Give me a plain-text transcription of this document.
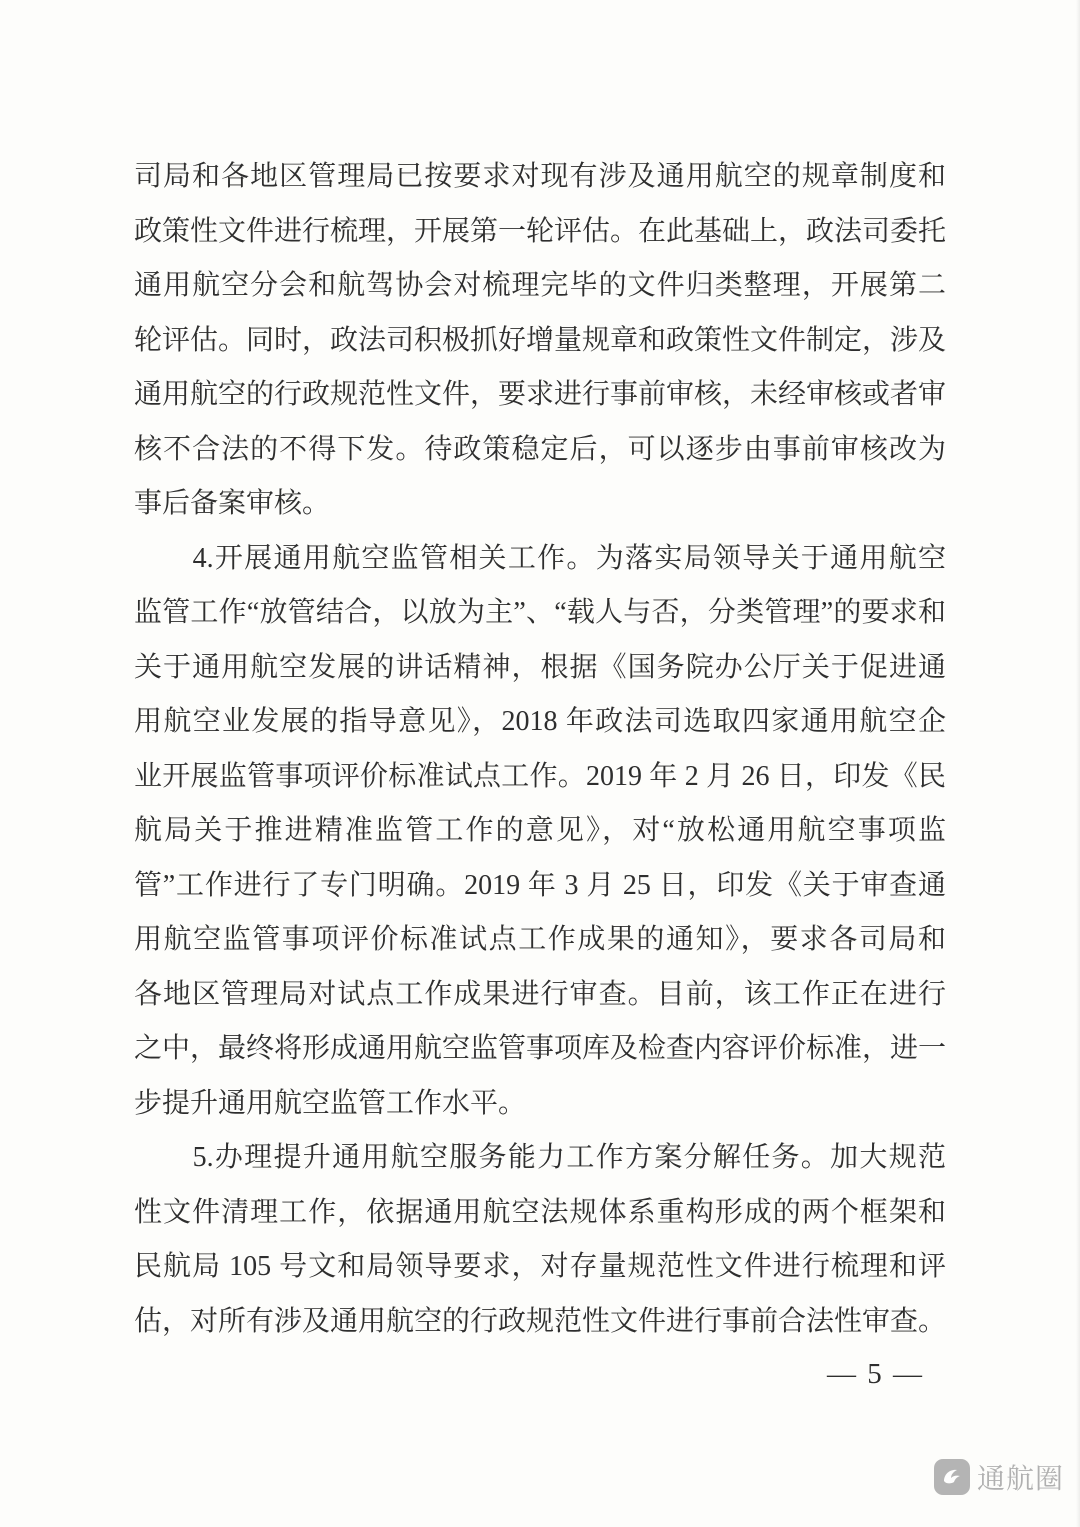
司局和各地区管理局已按要求对现有涉及通用航空的规章制度和
政策性文件进行梳理，开展第一轮评估。在此基础上，政法司委托
通用航空分会和航驾协会对梳理完毕的文件归类整理，开展第二
轮评估。同时，政法司积极抓好增量规章和政策性文件制定，涉及
通用航空的行政规范性文件，要求进行事前审核，未经审核或者审
核不合法的不得下发。待政策稳定后，可以逐步由事前审核改为
事后备案审核。
　　4.开展通用航空监管相关工作。为落实局领导关于通用航空
监管工作“放管结合，以放为主”、“载人与否，分类管理”的要求和
关于通用航空发展的讲话精神，根据《国务院办公厅关于促进通
用航空业发展的指导意见》，2018 年政法司选取四家通用航空企
业开展监管事项评价标准试点工作。2019 年 2 月 26 日，印发《民
航局关于推进精准监管工作的意见》，对“放松通用航空事项监
管”工作进行了专门明确。2019 年 3 月 25 日，印发《关于审查通
用航空监管事项评价标准试点工作成果的通知》，要求各司局和
各地区管理局对试点工作成果进行审查。目前，该工作正在进行
之中，最终将形成通用航空监管事项库及检查内容评价标准，进一
步提升通用航空监管工作水平。
　　5.办理提升通用航空服务能力工作方案分解任务。加大规范
性文件清理工作，依据通用航空法规体系重构形成的两个框架和
民航局 105 号文和局领导要求，对存量规范性文件进行梳理和评
估，对所有涉及通用航空的行政规范性文件进行事前合法性审查。
— 5 —
通航圈
